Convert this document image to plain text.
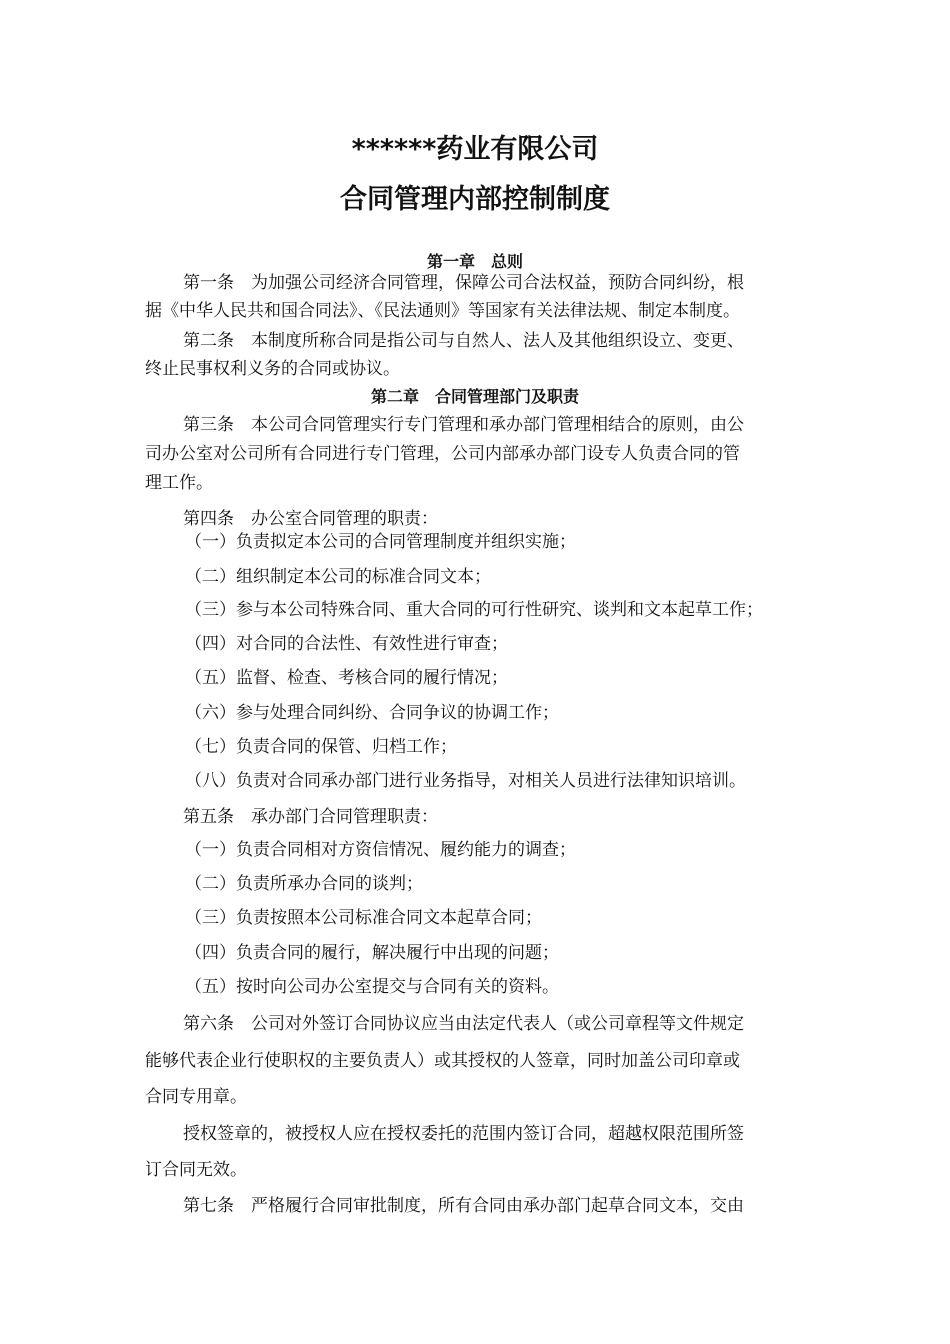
******药业有限公司
合同管理内部控制制度
第一章　总则
第一条　为加强公司经济合同管理，保障公司合法权益，预防合同纠纷，根
据《中华人民共和国合同法》、《民法通则》等国家有关法律法规、制定本制度。
第二条　本制度所称合同是指公司与自然人、法人及其他组织设立、变更、
终止民事权利义务的合同或协议。
第二章　合同管理部门及职责
第三条　本公司合同管理实行专门管理和承办部门管理相结合的原则，由公
司办公室对公司所有合同进行专门管理，公司内部承办部门设专人负责合同的管
理工作。
第四条　办公室合同管理的职责：
（一）负责拟定本公司的合同管理制度并组织实施；
（二）组织制定本公司的标准合同文本；
（三）参与本公司特殊合同、重大合同的可行性研究、谈判和文本起草工作；
（四）对合同的合法性、有效性进行审查；
（五）监督、检查、考核合同的履行情况；
（六）参与处理合同纠纷、合同争议的协调工作；
（七）负责合同的保管、归档工作；
（八）负责对合同承办部门进行业务指导，对相关人员进行法律知识培训。
第五条　承办部门合同管理职责：
（一）负责合同相对方资信情况、履约能力的调查；
（二）负责所承办合同的谈判；
（三）负责按照本公司标准合同文本起草合同；
（四）负责合同的履行，解决履行中出现的问题；
（五）按时向公司办公室提交与合同有关的资料。
第六条　公司对外签订合同协议应当由法定代表人（或公司章程等文件规定
能够代表企业行使职权的主要负责人）或其授权的人签章，同时加盖公司印章或
合同专用章。
授权签章的，被授权人应在授权委托的范围内签订合同，超越权限范围所签
订合同无效。
第七条　严格履行合同审批制度，所有合同由承办部门起草合同文本，交由
